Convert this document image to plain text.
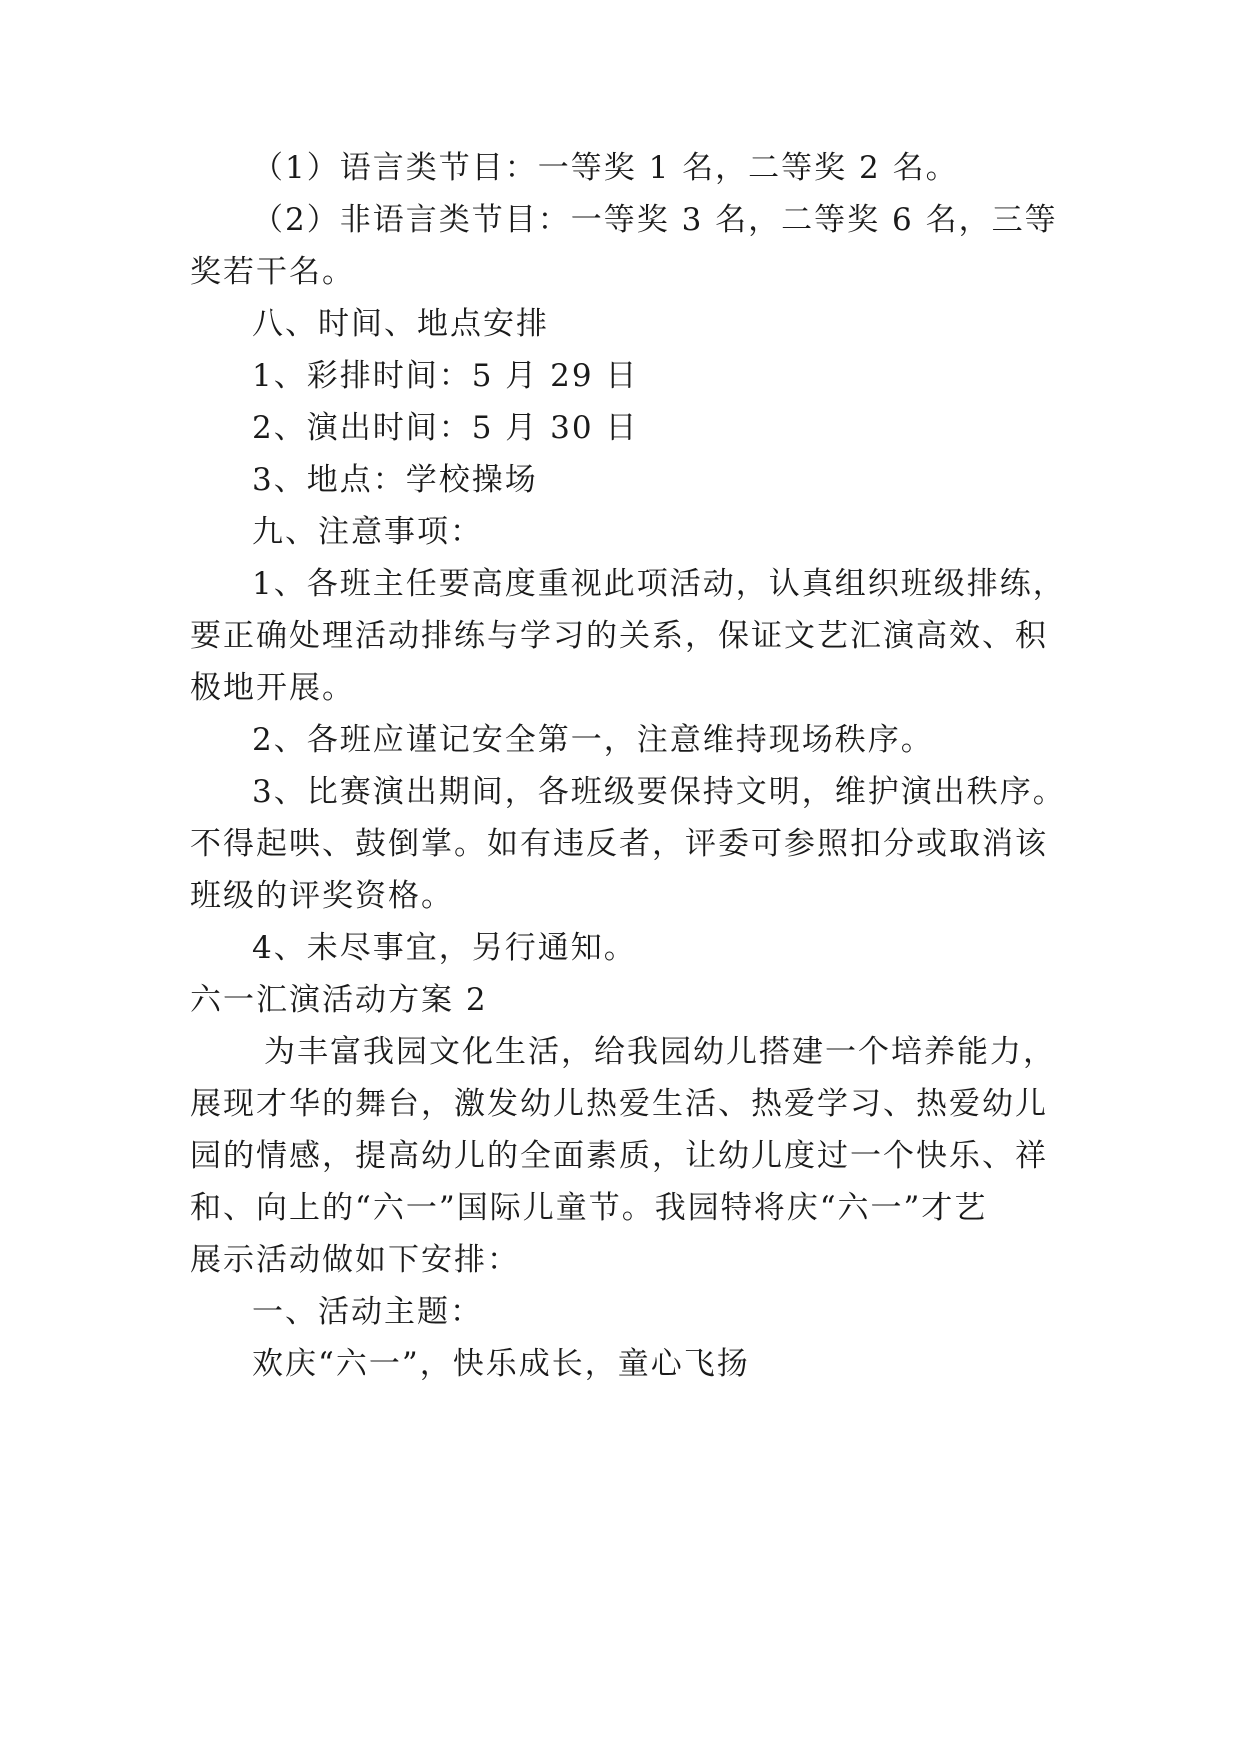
（1）语言类节目：一等奖 1 名，二等奖 2 名。
（2）非语言类节目：一等奖 3 名，二等奖 6 名，三等
奖若干名。
八、时间、地点安排
1、彩排时间：5 月 29 日
2、演出时间：5 月 30 日
3、地点：学校操场
九、注意事项：
1、各班主任要高度重视此项活动，认真组织班级排练，
要正确处理活动排练与学习的关系，保证文艺汇演高效、积
极地开展。
2、各班应谨记安全第一，注意维持现场秩序。
3、比赛演出期间，各班级要保持文明，维护演出秩序。
不得起哄、鼓倒掌。如有违反者，评委可参照扣分或取消该
班级的评奖资格。
4、未尽事宜，另行通知。
六一汇演活动方案 2
为丰富我园文化生活，给我园幼儿搭建一个培养能力，
展现才华的舞台，激发幼儿热爱生活、热爱学习、热爱幼儿
园的情感，提高幼儿的全面素质，让幼儿度过一个快乐、祥
和、向上的“六一”国际儿童节。我园特将庆“六一”才艺
展示活动做如下安排：
一、活动主题：
欢庆“六一”，快乐成长，童心飞扬
